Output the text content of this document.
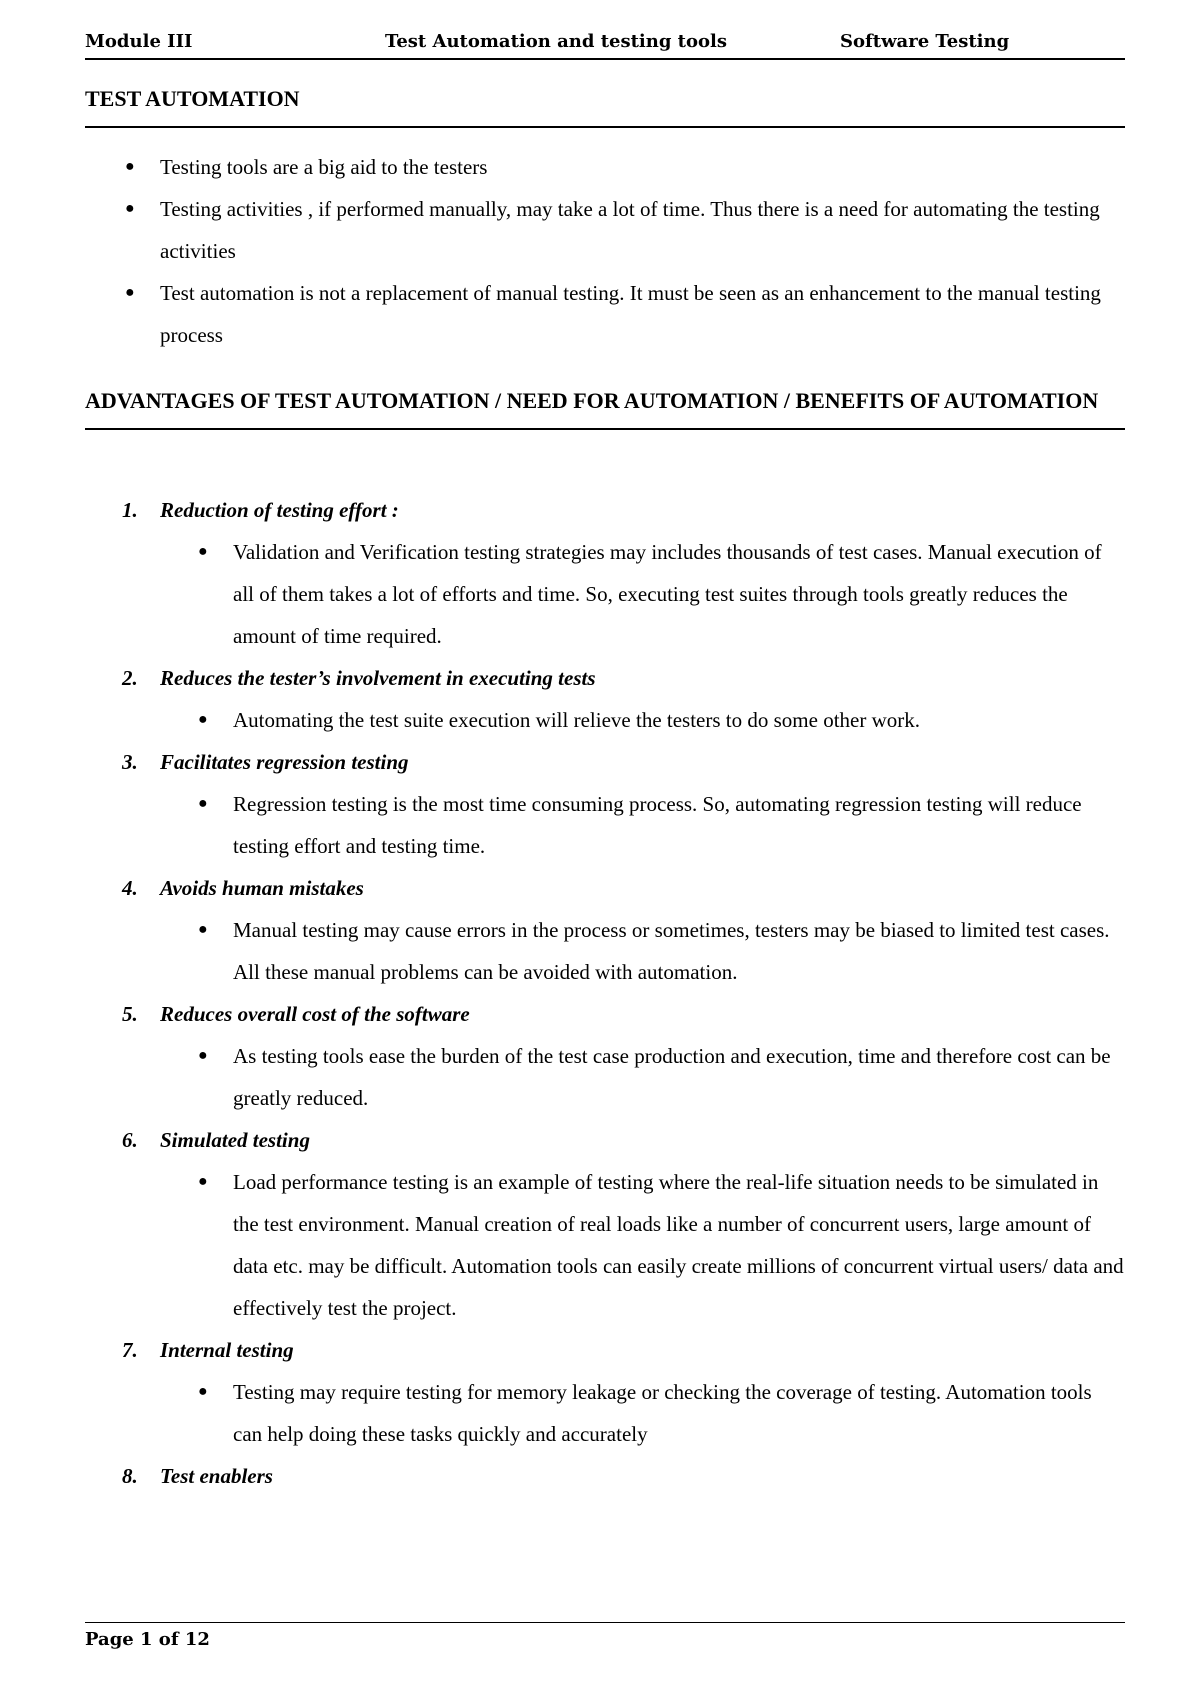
Module III	Test Automation and testing tools	Software Testing
TEST AUTOMATION
● Testing tools are a big aid to the testers
● Testing activities , if performed manually, may take a lot of time. Thus there is a need for automating the testing activities
● Test automation is not a replacement of manual testing. It must be seen as an enhancement to the manual testing process
ADVANTAGES OF TEST AUTOMATION / NEED FOR AUTOMATION / BENEFITS OF AUTOMATION
1. Reduction of testing effort :
● Validation and Verification testing strategies may includes thousands of test cases. Manual execution of all of them takes a lot of efforts and time. So, executing test suites through tools greatly reduces the amount of time required.
2. Reduces the tester’s involvement in executing tests
● Automating the test suite execution will relieve the testers to do some other work.
3. Facilitates regression testing
● Regression testing is the most time consuming process. So, automating regression testing will reduce testing effort and testing time.
4. Avoids human mistakes
● Manual testing may cause errors in the process or sometimes, testers may be biased to limited test cases. All these manual problems can be avoided with automation.
5. Reduces overall cost of the software
● As testing tools ease the burden of the test case production and execution, time and therefore cost can be greatly reduced.
6. Simulated testing
● Load performance testing is an example of testing where the real-life situation needs to be simulated in the test environment. Manual creation of real loads like a number of concurrent users, large amount of data etc. may be difficult. Automation tools can easily create millions of concurrent virtual users/ data and effectively test the project.
7. Internal testing
● Testing may require testing for memory leakage or checking the coverage of testing. Automation tools can help doing these tasks quickly and accurately
8. Test enablers
Page 1 of 12
